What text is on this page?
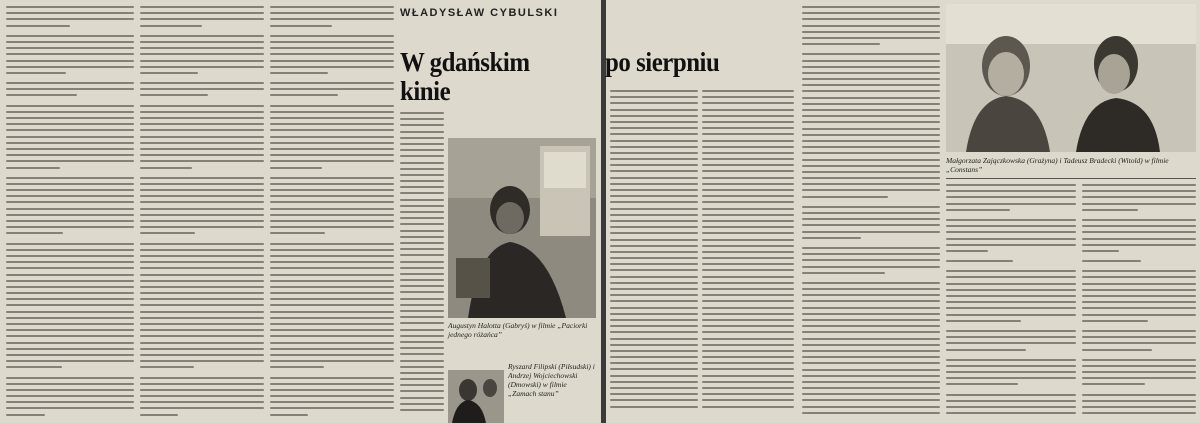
Ryszard Filipski (Piłsudski) i Andrzej Wojciechowski (Dmowski) w filmie „Zamach stanu”
Małgorzata Zajączkowska (Grażyna) i Tadeusz Bradecki (Witold) w filmie „Constans”
WŁADYSŁAW CYBULSKI
W gdańskim kinie
po sierpniu
Augustyn Halotta (Gabryś) w filmie „Paciorki jednego różańca”
